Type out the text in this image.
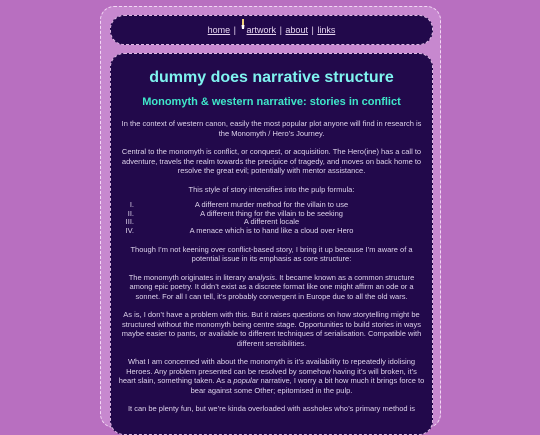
home | artwork | about | links
dummy does narrative structure
Monomyth & western narrative: stories in conflict

In the context of western canon, easily the most popular plot anyone will find in research is
the Monomyth / Hero’s Journey.

Central to the monomyth is conflict, or conquest, or acquisition. The Hero(ine) has a call to
adventure, travels the realm towards the precipice of tragedy, and moves on back home to
resolve the great evil; potentially with mentor assistance.

This style of story intensifies into the pulp formula:

I.	A different murder method for the villain to use
II.	A different thing for the villain to be seeking
III.	A different locale
IV.	A menace which is to hand like a cloud over Hero

Though I’m not keening over conflict-based story, I bring it up because I’m aware of a
potential issue in its emphasis as core structure:

The monomyth originates in literary analysis. It became known as a common structure
among epic poetry. It didn’t exist as a discrete format like one might affirm an ode or a
sonnet. For all I can tell, it’s probably convergent in Europe due to all the old wars.

As is, I don’t have a problem with this. But it raises questions on how storytelling might be
structured without the monomyth being centre stage. Opportunities to build stories in ways
maybe easier to pants, or available to different techniques of serialisation. Compatible with
different sensibilities.

What I am concerned with about the monomyth is it’s availability to repeatedly idolising
Heroes. Any problem presented can be resolved by somehow having it’s will broken, it’s
heart slain, something taken. As a popular narrative, I worry a bit how much it brings force to
bear against some Other; epitomised in the pulp.

It can be plenty fun, but we’re kinda overloaded with assholes who’s primary method is
